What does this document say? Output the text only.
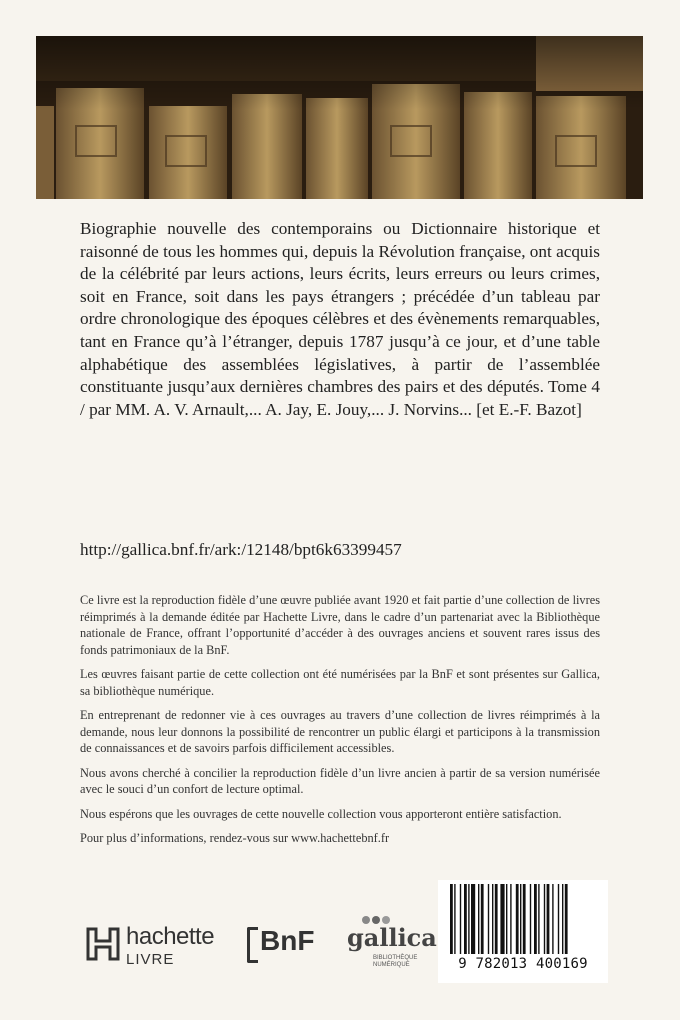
Biographie nouvelle des contemporains ou Dictionnaire historique et raisonné de tous les hommes qui, depuis la Révolution française, ont acquis de la célébrité par leurs actions, leurs écrits, leurs erreurs ou leurs crimes, soit en France, soit dans les pays étrangers ; précédée d’un tableau par ordre chronologique des époques célèbres et des évènements remarquables, tant en France qu’à l’étranger, depuis 1787 jusqu’à ce jour, et d’une table alphabétique des assemblées législatives, à partir de l’assemblée constituante jusqu’aux dernières chambres des pairs et des députés. Tome 4 / par MM. A. V. Arnault,... A. Jay, E. Jouy,... J. Norvins... [et E.-F. Bazot]
http://gallica.bnf.fr/ark:/12148/bpt6k63399457

Ce livre est la reproduction fidèle d’une œuvre publiée avant 1920 et fait partie d’une collection de livres réimprimés à la demande éditée par Hachette Livre, dans le cadre d’un partenariat avec la Bibliothèque nationale de France, offrant l’opportunité d’accéder à des ouvrages anciens et souvent rares issus des fonds patrimoniaux de la BnF.

Les œuvres faisant partie de cette collection ont été numérisées par la BnF et sont présentes sur Gallica, sa bibliothèque numérique.

En entreprenant de redonner vie à ces ouvrages au travers d’une collection de livres réimprimés à la demande, nous leur donnons la possibilité de rencontrer un public élargi et participons à la transmission de connaissances et de savoirs parfois difficilement accessibles.

Nous avons cherché à concilier la reproduction fidèle d’un livre ancien à partir de sa version numérisée avec le souci d’un confort de lecture optimal.

Nous espérons que les ouvrages de cette nouvelle collection vous apporteront entière satisfaction.

Pour plus d’informations, rendez-vous sur www.hachettebnf.fr

hachette
LIVRE
BnF gallica
BIBLIOTHÈQUE
NUMÉRIQUE	9 782013 400169
